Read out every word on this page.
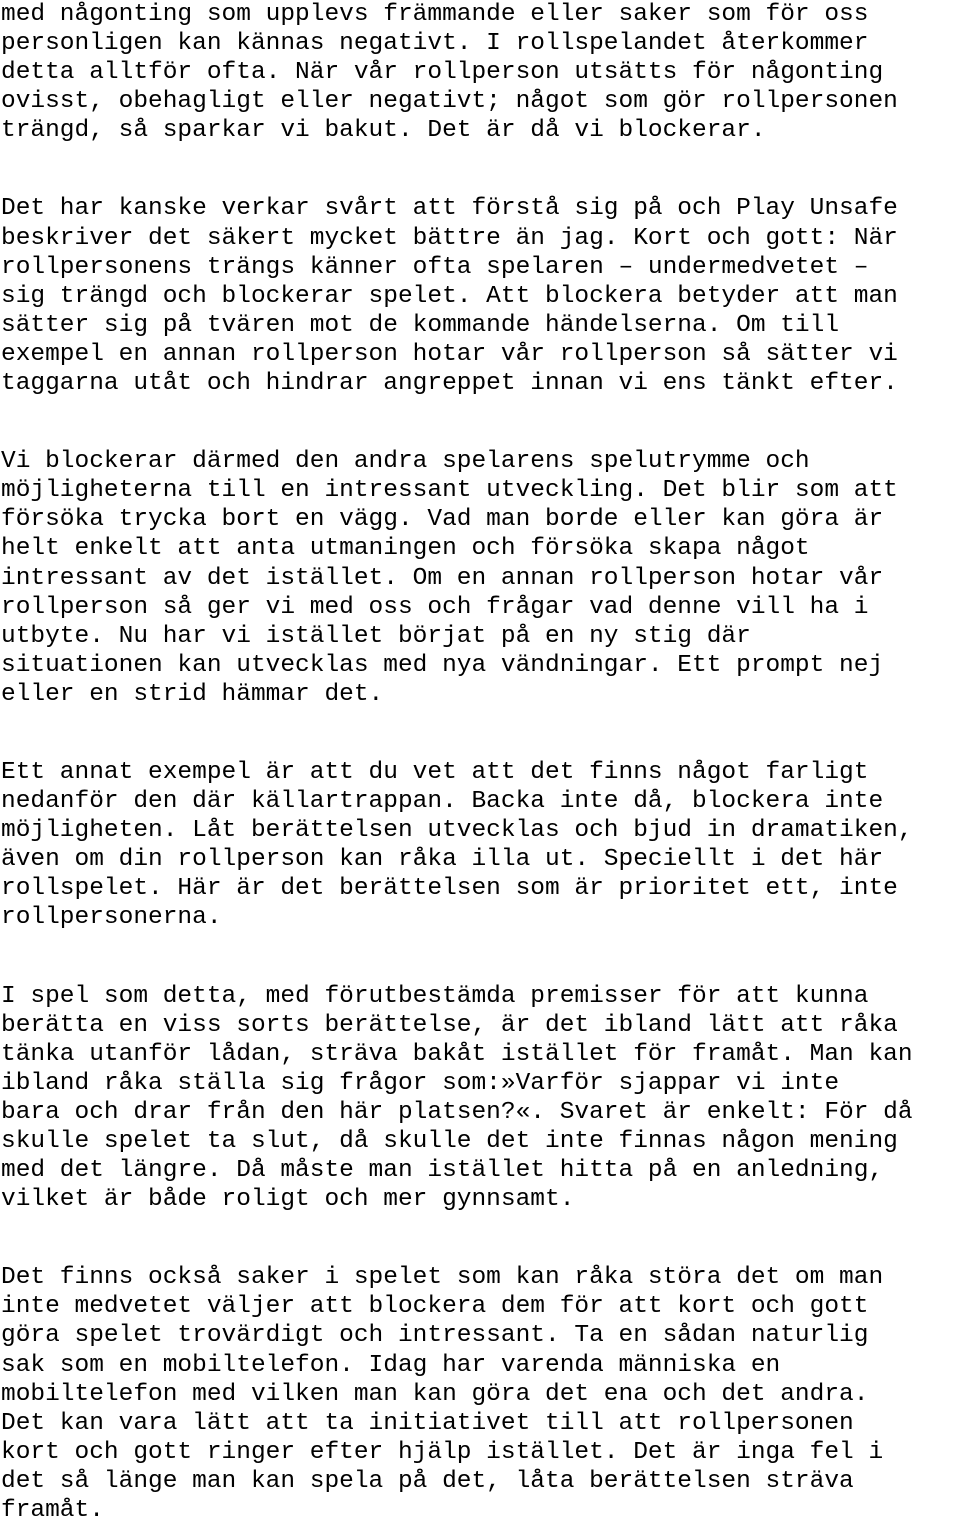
med någonting som upplevs främmande eller saker som för oss
personligen kan kännas negativt. I rollspelandet återkommer
detta alltför ofta. När vår rollperson utsätts för någonting
ovisst, obehagligt eller negativt; något som gör rollpersonen
trängd, så sparkar vi bakut. Det är då vi blockerar.
Det har kanske verkar svårt att förstå sig på och Play Unsafe
beskriver det säkert mycket bättre än jag. Kort och gott: När
rollpersonens trängs känner ofta spelaren – undermedvetet –
sig trängd och blockerar spelet. Att blockera betyder att man
sätter sig på tvären mot de kommande händelserna. Om till
exempel en annan rollperson hotar vår rollperson så sätter vi
taggarna utåt och hindrar angreppet innan vi ens tänkt efter.
Vi blockerar därmed den andra spelarens spelutrymme och
möjligheterna till en intressant utveckling. Det blir som att
försöka trycka bort en vägg. Vad man borde eller kan göra är
helt enkelt att anta utmaningen och försöka skapa något
intressant av det istället. Om en annan rollperson hotar vår
rollperson så ger vi med oss och frågar vad denne vill ha i
utbyte. Nu har vi istället börjat på en ny stig där
situationen kan utvecklas med nya vändningar. Ett prompt nej
eller en strid hämmar det.
Ett annat exempel är att du vet att det finns något farligt
nedanför den där källartrappan. Backa inte då, blockera inte
möjligheten. Låt berättelsen utvecklas och bjud in dramatiken,
även om din rollperson kan råka illa ut. Speciellt i det här
rollspelet. Här är det berättelsen som är prioritet ett, inte
rollpersonerna.
I spel som detta, med förutbestämda premisser för att kunna
berätta en viss sorts berättelse, är det ibland lätt att råka
tänka utanför lådan, sträva bakåt istället för framåt. Man kan
ibland råka ställa sig frågor som:»Varför sjappar vi inte
bara och drar från den här platsen?«. Svaret är enkelt: För då
skulle spelet ta slut, då skulle det inte finnas någon mening
med det längre. Då måste man istället hitta på en anledning,
vilket är både roligt och mer gynnsamt.
Det finns också saker i spelet som kan råka störa det om man
inte medvetet väljer att blockera dem för att kort och gott
göra spelet trovärdigt och intressant. Ta en sådan naturlig
sak som en mobiltelefon. Idag har varenda människa en
mobiltelefon med vilken man kan göra det ena och det andra.
Det kan vara lätt att ta initiativet till att rollpersonen
kort och gott ringer efter hjälp istället. Det är inga fel i
det så länge man kan spela på det, låta berättelsen sträva
framåt.
